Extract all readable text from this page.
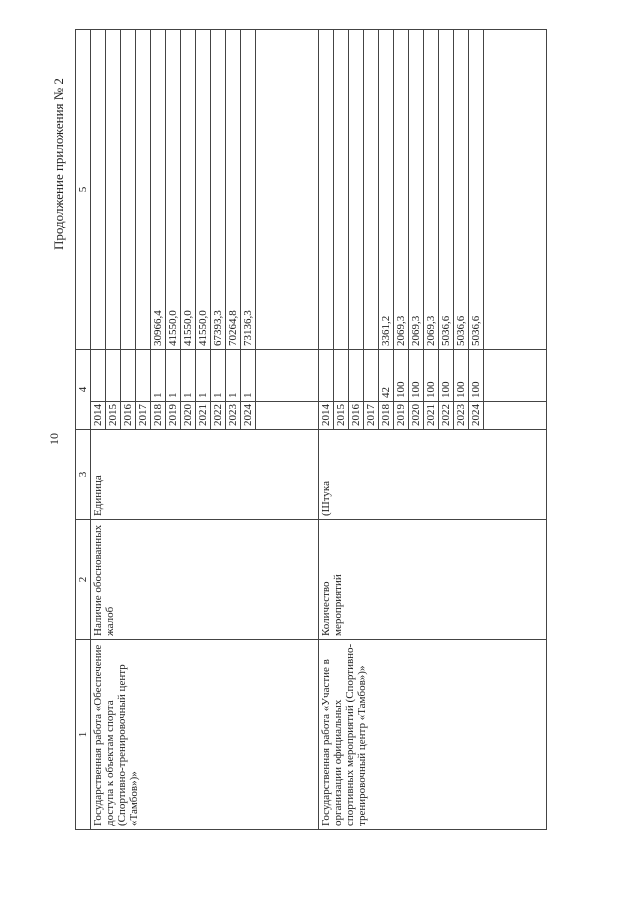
10
Продолжение приложения № 2
1	2	3	4		5
Государственная работа «Обеспечение доступа к объектам спорта (Спортивно-тренировочный центр «Тамбов»)»	Наличие обоснованных жалоб	Единица	2014		
			2015		
			2016		
			2017		
			2018	1	30966,4
			2019	1	41550,0
			2020	1	41550,0
			2021	1	41550,0
			2022	1	67393,3
			2023	1	70264,8
			2024	1	73136,3

Государственная работа «Участие в организации официальных спортивных мероприятий (Спортивно-тренировочный центр «Тамбов»)»	Количество мероприятий	(Штука	2014		
			2015		
			2016		
			2017		
			2018	42	3361,2
			2019	100	2069,3
			2020	100	2069,3
			2021	100	2069,3
			2022	100	5036,6
			2023	100	5036,6
			2024	100	5036,6
